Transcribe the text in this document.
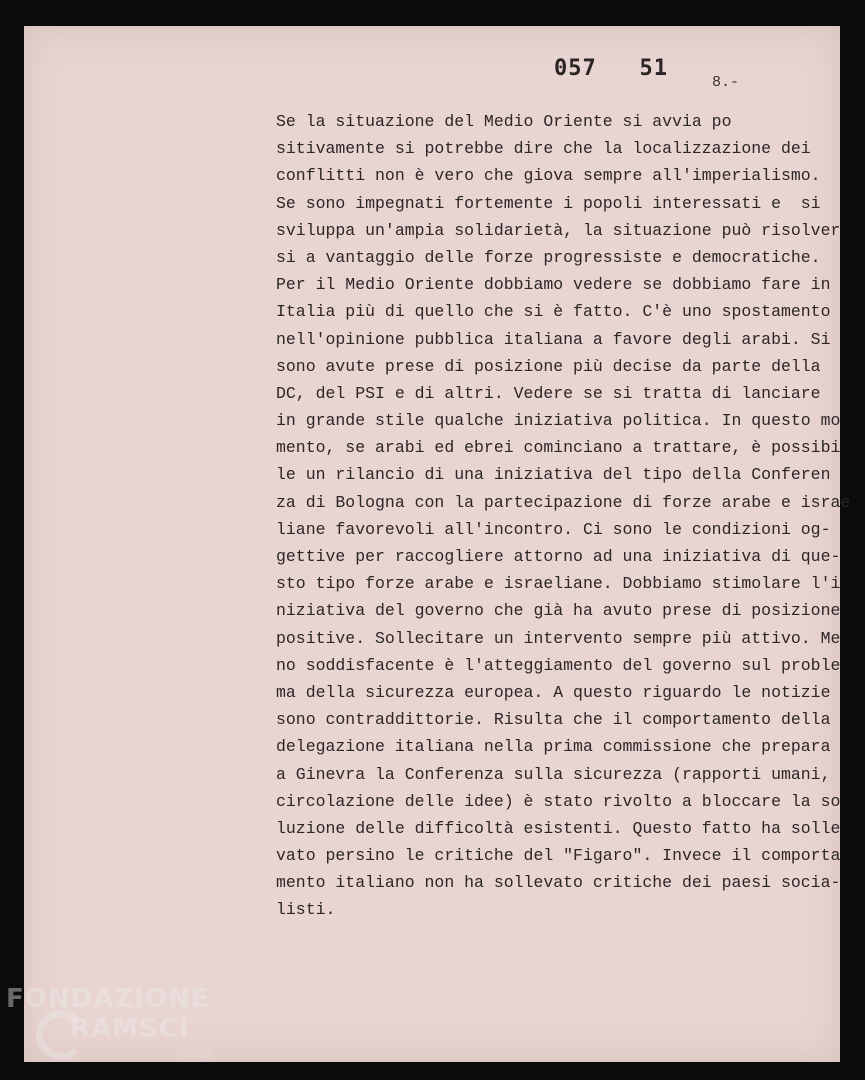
057   51
8.-
Se la situazione del Medio Oriente si avvia po
sitivamente si potrebbe dire che la localizzazione dei
conflitti non è vero che giova sempre all'imperialismo.
Se sono impegnati fortemente i popoli interessati e  si
sviluppa un'ampia solidarietà, la situazione può risolver
si a vantaggio delle forze progressiste e democratiche.
Per il Medio Oriente dobbiamo vedere se dobbiamo fare in
Italia più di quello che si è fatto. C'è uno spostamento
nell'opinione pubblica italiana a favore degli arabi. Si
sono avute prese di posizione più decise da parte della
DC, del PSI e di altri. Vedere se si tratta di lanciare
in grande stile qualche iniziativa politica. In questo mo
mento, se arabi ed ebrei cominciano a trattare, è possibi
le un rilancio di una iniziativa del tipo della Conferen
za di Bologna con la partecipazione di forze arabe e israe
liane favorevoli all'incontro. Ci sono le condizioni og-
gettive per raccogliere attorno ad una iniziativa di que-
sto tipo forze arabe e israeliane. Dobbiamo stimolare l'i
niziativa del governo che già ha avuto prese di posizione
positive. Sollecitare un intervento sempre più attivo. Me
no soddisfacente è l'atteggiamento del governo sul proble
ma della sicurezza europea. A questo riguardo le notizie
sono contraddittorie. Risulta che il comportamento della
delegazione italiana nella prima commissione che prepara
a Ginevra la Conferenza sulla sicurezza (rapporti umani,
circolazione delle idee) è stato rivolto a bloccare la so
luzione delle difficoltà esistenti. Questo fatto ha solle
vato persino le critiche del "Figaro". Invece il comporta
mento italiano non ha sollevato critiche dei paesi socia-
listi.
FONDAZIONE
RAMSCI
onlus
